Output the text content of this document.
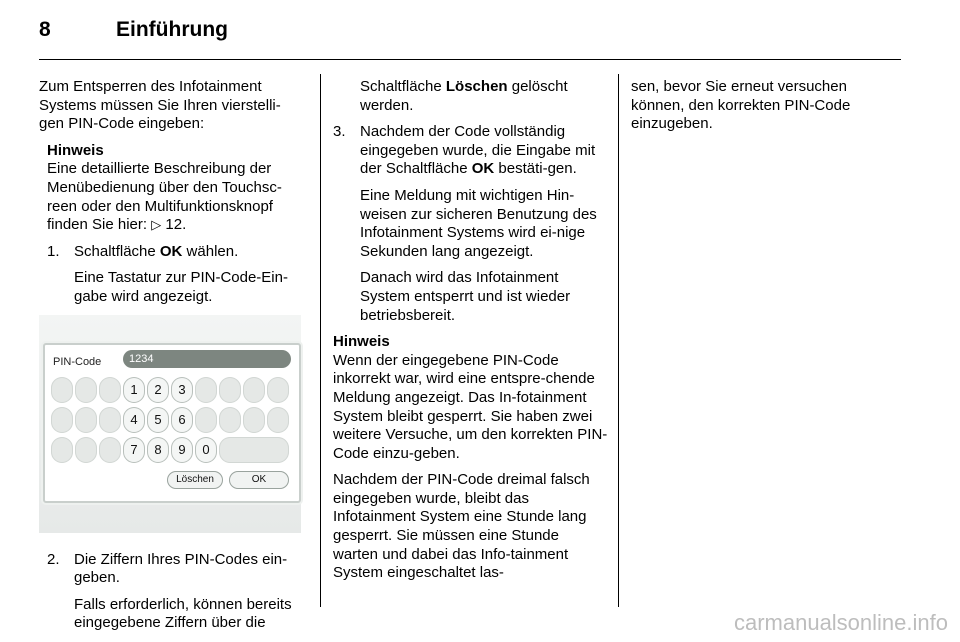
8	Einführung

Zum Entsperren des Infotainment Systems müssen Sie Ihren vierstelli-gen PIN-Code eingeben:

Hinweis
Eine detaillierte Beschreibung der Menübedienung über den Touchsc-reen oder den Multifunktionsknopf finden Sie hier: ▷ 12.
1. Schaltfläche OK wählen.

Eine Tastatur zur PIN-Code-Ein-gabe wird angezeigt.

PIN-Code	1234
1	2	3
4	5	6
7	8	9	0
Löschen	OK
2. Die Ziffern Ihres PIN-Codes ein-geben.

Falls erforderlich, können bereits eingegebene Ziffern über die

Schaltfläche Löschen gelöscht werden.

3. Nachdem der Code vollständig eingegeben wurde, die Eingabe mit der Schaltfläche OK bestäti-gen.

Eine Meldung mit wichtigen Hin-weisen zur sicheren Benutzung des Infotainment Systems wird ei-nige Sekunden lang angezeigt.

Danach wird das Infotainment System entsperrt und ist wieder betriebsbereit.

Hinweis
Wenn der eingegebene PIN-Code inkorrekt war, wird eine entspre-chende Meldung angezeigt. Das In-fotainment System bleibt gesperrt. Sie haben zwei weitere Versuche, um den korrekten PIN-Code einzu-geben.

Nachdem der PIN-Code dreimal falsch eingegeben wurde, bleibt das Infotainment System eine Stunde lang gesperrt. Sie müssen eine Stunde warten und dabei das Info-tainment System eingeschaltet las-

sen, bevor Sie erneut versuchen können, den korrekten PIN-Code einzugeben.

carmanualsonline.info
